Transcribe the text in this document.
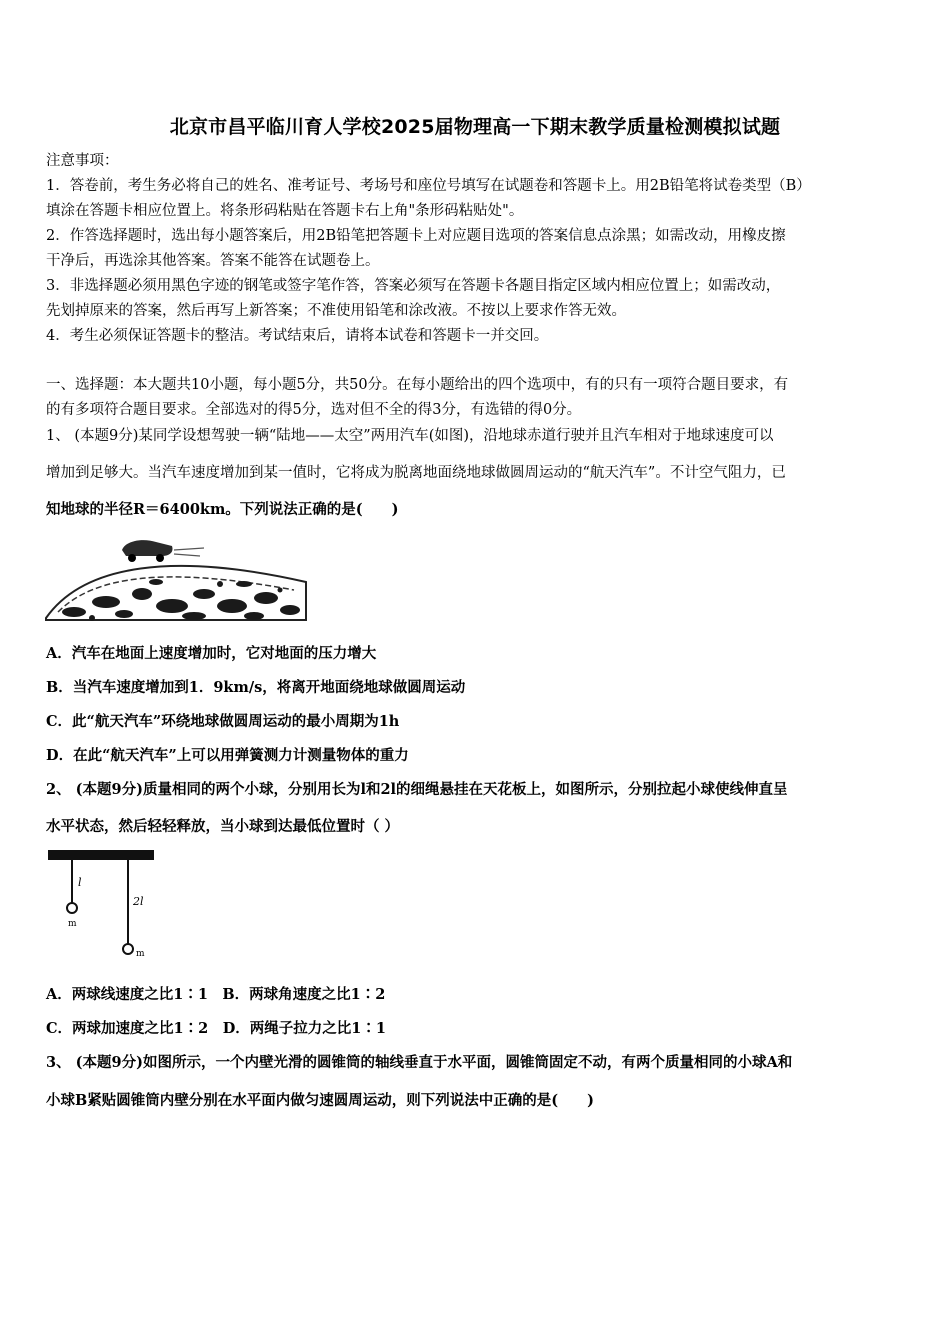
北京市昌平临川育人学校2025届物理高一下期末教学质量检测模拟试题
注意事项：
1．答卷前，考生务必将自己的姓名、准考证号、考场号和座位号填写在试题卷和答题卡上。用2B铅笔将试卷类型（B）
填涂在答题卡相应位置上。将条形码粘贴在答题卡右上角"条形码粘贴处"。
2．作答选择题时，选出每小题答案后，用2B铅笔把答题卡上对应题目选项的答案信息点涂黑；如需改动，用橡皮擦
干净后，再选涂其他答案。答案不能答在试题卷上。
3．非选择题必须用黑色字迹的钢笔或签字笔作答，答案必须写在答题卡各题目指定区域内相应位置上；如需改动，
先划掉原来的答案，然后再写上新答案；不准使用铅笔和涂改液。不按以上要求作答无效。
4．考生必须保证答题卡的整洁。考试结束后，请将本试卷和答题卡一并交回。
一、选择题：本大题共10小题，每小题5分，共50分。在每小题给出的四个选项中，有的只有一项符合题目要求，有
的有多项符合题目要求。全部选对的得5分，选对但不全的得3分，有选错的得0分。
1、 (本题9分)某同学设想驾驶一辆“陆地——太空”两用汽车(如图)，沿地球赤道行驶并且汽车相对于地球速度可以
增加到足够大。当汽车速度增加到某一值时，它将成为脱离地面绕地球做圆周运动的“航天汽车”。不计空气阻力，已
知地球的半径R＝6400km。下列说法正确的是(　　)
A．汽车在地面上速度增加时，它对地面的压力增大
B．当汽车速度增加到1．9km/s，将离开地面绕地球做圆周运动
C．此“航天汽车”环绕地球做圆周运动的最小周期为1h
D．在此“航天汽车”上可以用弹簧测力计测量物体的重力
2、 (本题9分)质量相同的两个小球，分别用长为l和2l的细绳悬挂在天花板上，如图所示，分别拉起小球使线伸直呈
水平状态，然后轻轻释放，当小球到达最低位置时（ ）
l
2l
m
m
A．两球线速度之比1∶1　B．两球角速度之比1∶2
C．两球加速度之比1∶2　D．两绳子拉力之比1∶1
3、 (本题9分)如图所示，一个内壁光滑的圆锥筒的轴线垂直于水平面，圆锥筒固定不动，有两个质量相同的小球A和
小球B紧贴圆锥筒内壁分别在水平面内做匀速圆周运动，则下列说法中正确的是(　　)
